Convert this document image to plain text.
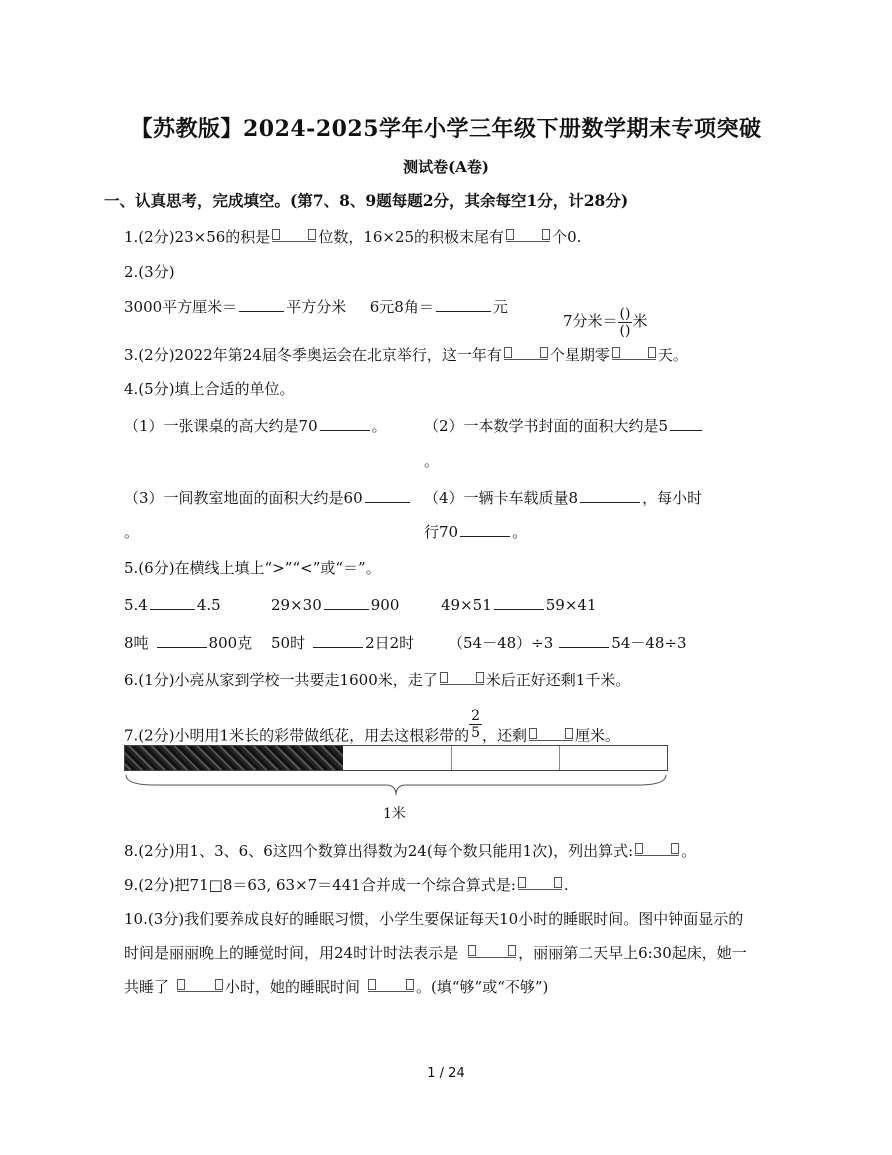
【苏教版】2024-2025学年小学三年级下册数学期末专项突破
测试卷(A卷)
一、认真思考，完成填空。(第7、8、9题每题2分，其余每空1分，计28分)
1.(2分)23×56的积是	位数，16×25的积极末尾有	个0.
2.(3分)
3000平方厘米＝	平方分米 6元8角＝	元
7分米＝ $\frac{()}{()}$ 米
3.(2分)2022年第24届冬季奥运会在北京举行，这一年有	个星期零	天。
4.(5分)填上合适的单位。
（1）一张课桌的高大约是70	。 （2）一本数学书封面的面积大约是5
。
（3）一间教室地面的面积大约是60
。
（4）一辆卡车载质量8	，每小时
行70	。
5.(6分)在横线上填上“>”“<”或“＝”。
5.4	4.5	29×30	900	49×51	59×41
8吨	800克 50时	2日2时 （54－48）÷3	54－48÷3
6.(1分)小亮从家到学校一共要走1600米，走了	米后正好还剩1千米。
7.(2分)小明用1米长的彩带做纸花，用去这根彩带的 $\frac{2}{5}$ ，还剩	厘米。
1米
8.(2分)用1、3、6、6这四个数算出得数为24(每个数只能用1次)，列出算式:	。
9.(2分)把71□8＝63, 63×7＝441合并成一个综合算式是:	.
10.(3分)我们要养成良好的睡眠习惯，小学生要保证每天10小时的睡眠时间。图中钟面显示的
时间是丽丽晚上的睡觉时间，用24时计时法表示是	，丽丽第二天早上6:30起床，她一
共睡了	小时，她的睡眠时间	。(填“够”或“不够”)
1 / 24
